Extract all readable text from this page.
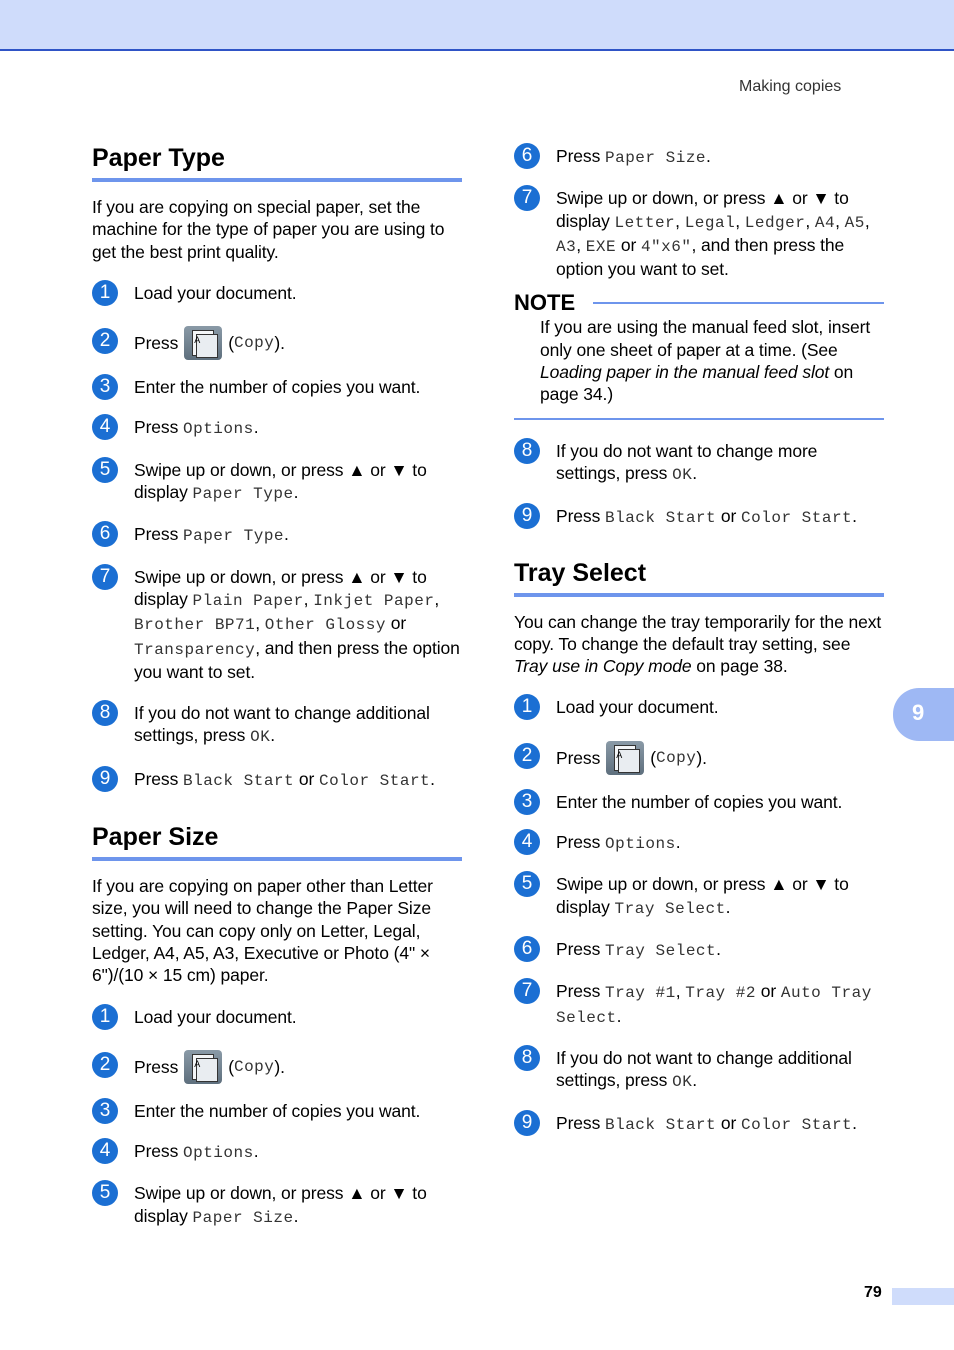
Making copies
Paper Type

If you are copying on special paper, set the machine for the type of paper you are using to get the best print quality.

1	Load your document.
2	Press A ( Copy ).
3	Enter the number of copies you want.
4	Press Options.
5	Swipe up or down, or press ▲ or ▼ to display Paper Type.
6	Press Paper Type.
7	Swipe up or down, or press ▲ or ▼ to display Plain Paper, Inkjet Paper, Brother BP71, Other Glossy or Transparency, and then press the option you want to set.
8	If you do not want to change additional settings, press OK.
9	Press Black Start or Color Start.
Paper Size

If you are copying on paper other than Letter size, you will need to change the Paper Size setting. You can copy only on Letter, Legal, Ledger, A4, A5, A3, Executive or Photo (4" × 6")/(10 × 15 cm) paper.

1	Load your document.
2	Press A ( Copy ).
3	Enter the number of copies you want.
4	Press Options.
5	Swipe up or down, or press ▲ or ▼ to display Paper Size.
6	Press Paper Size.
7	Swipe up or down, or press ▲ or ▼ to display Letter, Legal, Ledger, A4, A5, A3, EXE or 4"x6", and then press the option you want to set.
NOTE
If you are using the manual feed slot, insert only one sheet of paper at a time. (See Loading paper in the manual feed slot on page 34.)
8	If you do not want to change more settings, press OK.
9	Press Black Start or Color Start.
Tray Select

You can change the tray temporarily for the next copy. To change the default tray setting, see Tray use in Copy mode on page 38.

1	Load your document.
2	Press A ( Copy ).
3	Enter the number of copies you want.
4	Press Options.
5	Swipe up or down, or press ▲ or ▼ to display Tray Select.
6	Press Tray Select.
7	Press Tray #1, Tray #2 or Auto Tray Select.
8	If you do not want to change additional settings, press OK.
9	Press Black Start or Color Start.
9
79
